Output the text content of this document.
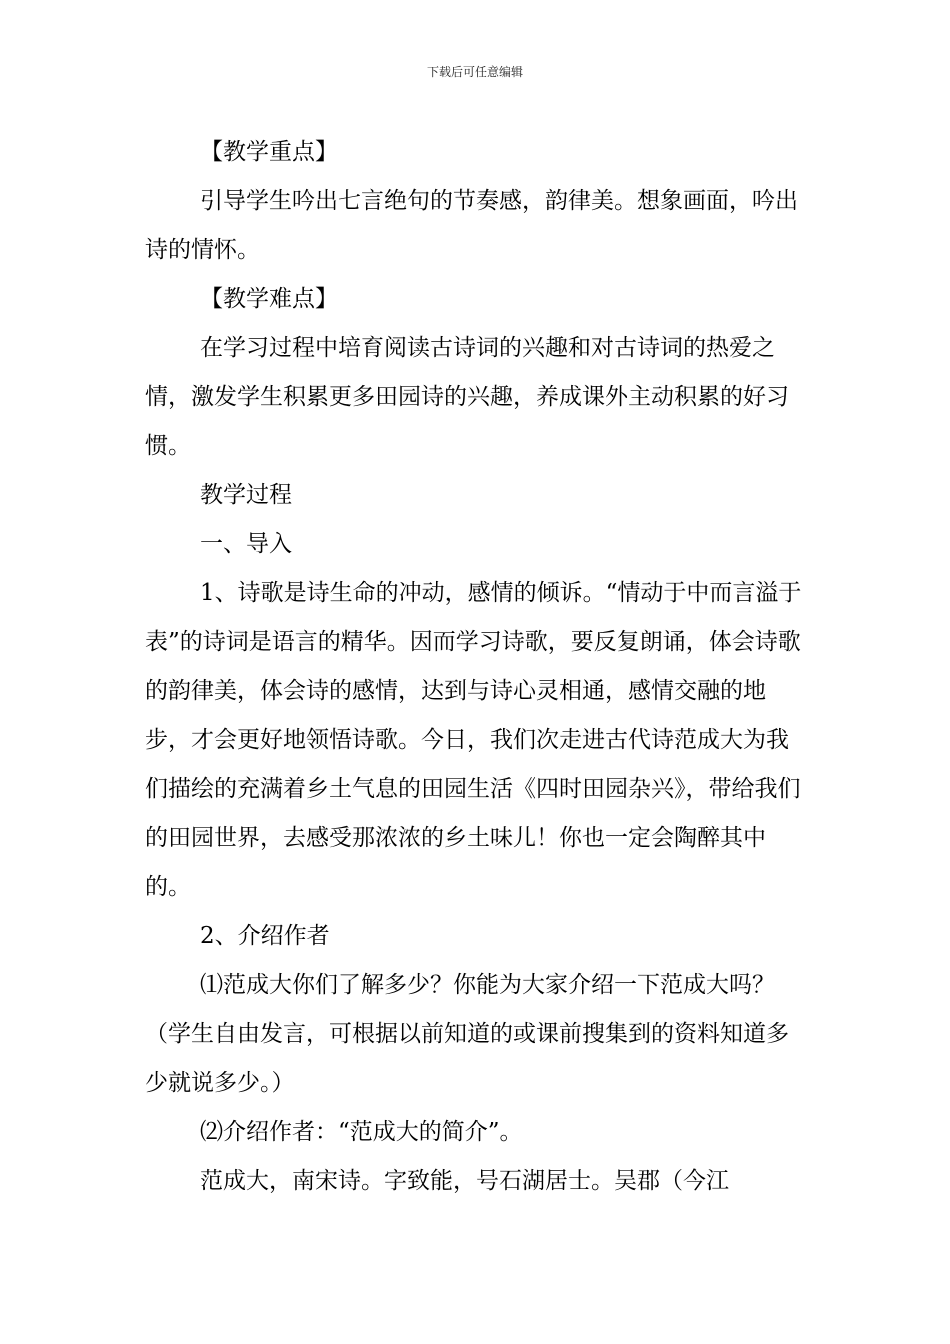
下载后可任意编辑

【教学重点】

引导学生吟出七言绝句的节奏感，韵律美。想象画面，吟出诗的情怀。

【教学难点】

在学习过程中培育阅读古诗词的兴趣和对古诗词的热爱之情，激发学生积累更多田园诗的兴趣，养成课外主动积累的好习惯。

教学过程

一、导入

1、诗歌是诗生命的冲动，感情的倾诉。“情动于中而言溢于表”的诗词是语言的精华。因而学习诗歌，要反复朗诵，体会诗歌的韵律美，体会诗的感情，达到与诗心灵相通，感情交融的地步，才会更好地领悟诗歌。今日，我们次走进古代诗范成大为我们描绘的充满着乡土气息的田园生活《四时田园杂兴》，带给我们的田园世界，去感受那浓浓的乡土味儿！你也一定会陶醉其中的。

2、介绍作者

⑴范成大你们了解多少？你能为大家介绍一下范成大吗？（学生自由发言，可根据以前知道的或课前搜集到的资料知道多少就说多少。）

⑵介绍作者：“范成大的简介”。

范成大，南宋诗。字致能，号石湖居士。吴郡（今江
